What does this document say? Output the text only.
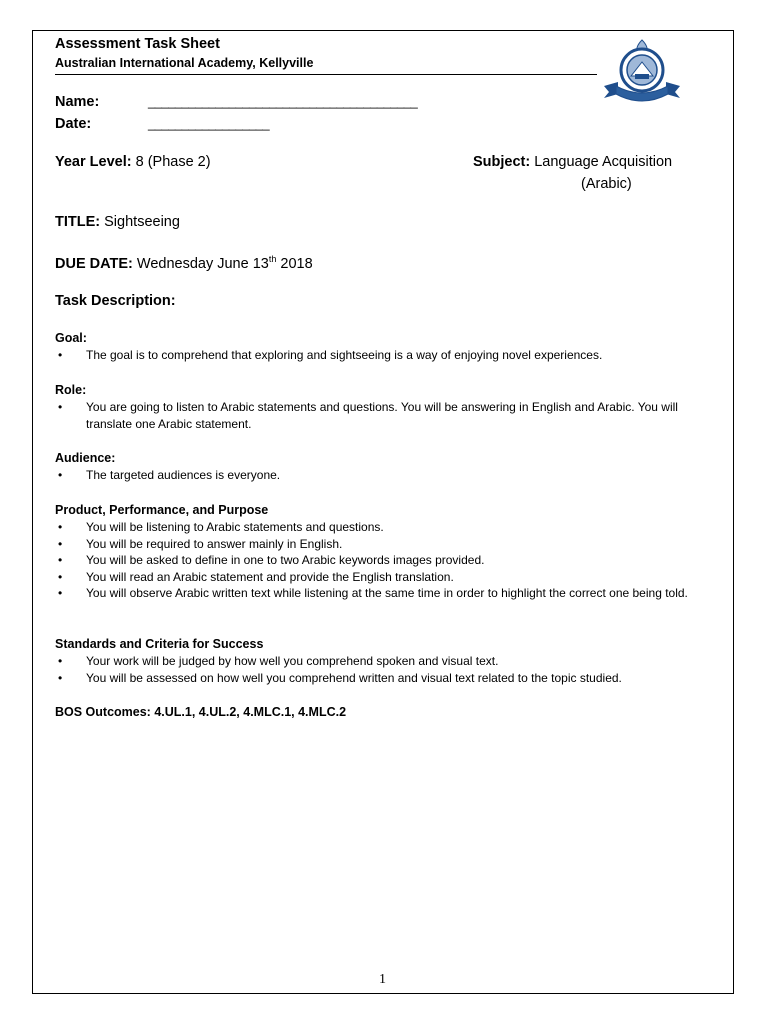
Assessment Task Sheet
Australian International Academy, Kellyville
Name:	________________________________________
Date:	__________________
Year Level: 8 (Phase 2)	Subject: Language Acquisition
(Arabic)
TITLE: Sightseeing
DUE DATE: Wednesday June 13th 2018
Task Description:
Goal:
• The goal is to comprehend that exploring and sightseeing is a way of enjoying novel experiences.
Role:
• You are going to listen to Arabic statements and questions. You will be answering in English and Arabic. You will translate one Arabic statement.
Audience:
• The targeted audiences is everyone.
Product, Performance, and Purpose
• You will be listening to Arabic statements and questions.
• You will be required to answer mainly in English.
• You will be asked to define in one to two Arabic keywords images provided.
• You will read an Arabic statement and provide the English translation.
• You will observe Arabic written text while listening at the same time in order to highlight the correct one being told.
Standards and Criteria for Success
• Your work will be judged by how well you comprehend spoken and visual text.
• You will be assessed on how well you comprehend written and visual text related to the topic studied.
BOS Outcomes: 4.UL.1, 4.UL.2, 4.MLC.1, 4.MLC.2
1
